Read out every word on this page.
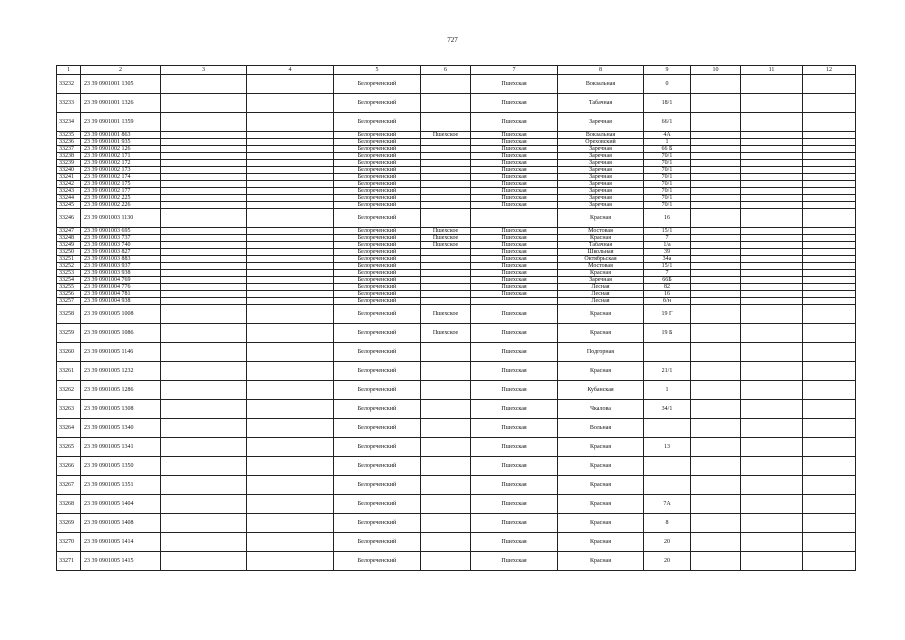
727
1	2	3	4	5	6	7	8	9	10	11	12
33232	23 39 0901001 1305			Белореченский		Пшехская	Вокзальная	0			
33233	23 39 0901001 1326			Белореченский		Пшехская	Табачная	18/1			
33234	23 39 0901001 1359			Белореченский		Пшехская	Заречная	66/1			
33235	23 39 0901001 863			Белореченский	Пшехское	Пшехская	Вокзальная	4А			
33236	23 39 0901001 935			Белореченский		Пшехская	Ореховский	1			
33237	23 39 0901002 126			Белореченский		Пшехская	Заречная	66 Б			
33238	23 39 0901002 171			Белореченский		Пшехская	Заречная	70/1			
33239	23 39 0901002 172			Белореченский		Пшехская	Заречная	70/1			
33240	23 39 0901002 173			Белореченский		Пшехская	Заречная	70/1			
33241	23 39 0901002 174			Белореченский		Пшехская	Заречная	70/1			
33242	23 39 0901002 175			Белореченский		Пшехская	Заречная	70/1			
33243	23 39 0901002 177			Белореченский		Пшехская	Заречная	70/1			
33244	23 39 0901002 225			Белореченский		Пшехская	Заречная	70/1			
33245	23 39 0901002 226			Белореченский		Пшехская	Заречная	70/1			
33246	23 39 0901003 1130			Белореченский			Красная	16			
33247	23 39 0901003 695			Белореченский	Пшехское	Пшехская	Мостовая	15/1			
33248	23 39 0901003 737			Белореченский	Пшехское	Пшехская	Красная	7			
33249	23 39 0901003 740			Белореченский	Пшехское	Пшехская	Табачная	1/а			
33250	23 39 0901003 827			Белореченский		Пшехская	Школьная	39			
33251	23 39 0901003 883			Белореченский		Пшехская	Октябрьская	34а			
33252	23 39 0901003 937			Белореченский		Пшехская	Мостовая	15/1			
33253	23 39 0901003 938			Белореченский		Пшехская	Красная	7			
33254	23 39 0901004 769			Белореченский		Пшехская	Заречная	66Б			
33255	23 39 0901004 776			Белореченский		Пшехская	Лесная	82			
33256	23 39 0901004 781			Белореченский		Пшехская	Лесная	16			
33257	23 39 0901004 938			Белореченский			Лесная	б/н			
33258	23 39 0901005 1008			Белореченский	Пшехское	Пшехская	Красная	19 Г			
33259	23 39 0901005 1086			Белореченский	Пшехское	Пшехская	Красная	19 Б			
33260	23 39 0901005 1146			Белореченский		Пшехская	Подгорная				
33261	23 39 0901005 1232			Белореченский		Пшехская	Красная	21/1			
33262	23 39 0901005 1286			Белореченский		Пшехская	Кубанская	1			
33263	23 39 0901005 1308			Белореченский		Пшехская	Чкалова	34/1			
33264	23 39 0901005 1340			Белореченский		Пшехская	Вольная				
33265	23 39 0901005 1341			Белореченский		Пшехская	Красная	13			
33266	23 39 0901005 1350			Белореченский		Пшехская	Красная				
33267	23 39 0901005 1351			Белореченский		Пшехская	Красная				
33268	23 39 0901005 1404			Белореченский		Пшехская	Красная	7А			
33269	23 39 0901005 1408			Белореченский		Пшехская	Красная	8			
33270	23 39 0901005 1414			Белореченский		Пшехская	Красная	20			
33271	23 39 0901005 1415			Белореченский		Пшехская	Красная	20			
